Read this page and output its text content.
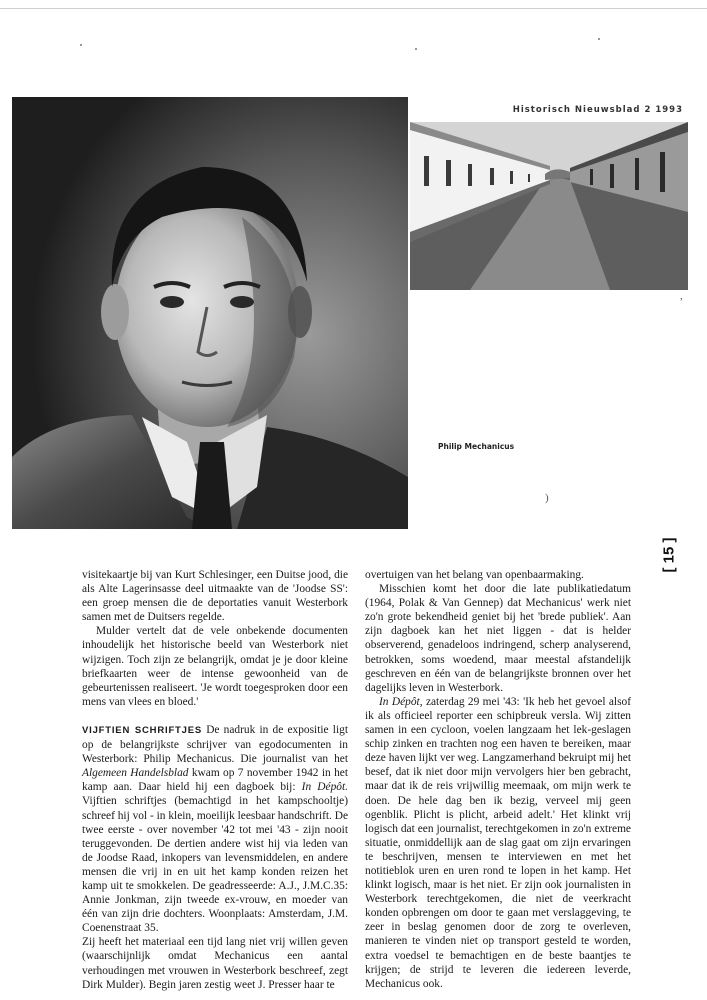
Historisch Nieuwsblad 2 1993
Philip Mechanicus
[ 15 ]
,
)

visitekaartje bij van Kurt Schlesinger, een Duitse jood, die als Alte Lagerinsasse deel uitmaakte van de 'Joodse SS': een groep mensen die de deportaties vanuit Westerbork samen met de Duitsers regelde.

Mulder vertelt dat de vele onbekende documenten inhoudelijk het historische beeld van Westerbork niet wijzigen. Toch zijn ze belangrijk, omdat je je door kleine briefkaarten weer de intense gewoonheid van de gebeurtenissen realiseert. 'Je wordt toegesproken door een mens van vlees en bloed.'

VIJFTIEN SCHRIFTJES De nadruk in de expositie ligt op de belangrijkste schrijver van egodocumenten in Westerbork: Philip Mechanicus. Die journalist van het Algemeen Handelsblad kwam op 7 november 1942 in het kamp aan. Daar hield hij een dagboek bij: In Dépôt. Vijftien schriftjes (bemachtigd in het kampschooltje) schreef hij vol - in klein, moeilijk leesbaar handschrift. De twee eerste - over november '42 tot mei '43 - zijn nooit teruggevonden. De dertien andere wist hij via leden van de Joodse Raad, inkopers van levensmiddelen, en andere mensen die vrij in en uit het kamp konden reizen het kamp uit te smokkelen. De geadresseerde: A.J., J.M.C.35: Annie Jonkman, zijn tweede ex-vrouw, en moeder van één van zijn drie dochters. Woonplaats: Amsterdam, J.M. Coenenstraat 35.

Zij heeft het materiaal een tijd lang niet vrij willen geven (waarschijnlijk omdat Mechanicus een aantal verhoudingen met vrouwen in Westerbork beschreef, zegt Dirk Mulder). Begin jaren zestig weet J. Presser haar te

overtuigen van het belang van openbaarmaking.

Misschien komt het door die late publikatiedatum (1964, Polak & Van Gennep) dat Mechanicus' werk niet zo'n grote bekendheid geniet bij het 'brede publiek'. Aan zijn dagboek kan het niet liggen - dat is helder observerend, genadeloos indringend, scherp analyserend, betrokken, soms woedend, maar meestal afstandelijk geschreven en één van de belangrijkste bronnen over het dagelijks leven in Westerbork.

In Dépôt, zaterdag 29 mei '43: 'Ik heb het gevoel alsof ik als officieel reporter een schipbreuk versla. Wij zitten samen in een cycloon, voelen langzaam het lek-geslagen schip zinken en trachten nog een haven te bereiken, maar deze haven lijkt ver weg. Langzamerhand bekruipt mij het besef, dat ik niet door mijn vervolgers hier ben gebracht, maar dat ik de reis vrijwillig meemaak, om mijn werk te doen. De hele dag ben ik bezig, verveel mij geen ogenblik. Plicht is plicht, arbeid adelt.' Het klinkt vrij logisch dat een journalist, terechtgekomen in zo'n extreme situatie, onmiddellijk aan de slag gaat om zijn ervaringen te beschrijven, mensen te interviewen en met het notitieblok uren en uren rond te lopen in het kamp. Het klinkt logisch, maar is het niet. Er zijn ook journalisten in Westerbork terechtgekomen, die niet de veerkracht konden opbrengen om door te gaan met verslaggeving, te zeer in beslag genomen door de zorg te overleven, manieren te vinden niet op transport gesteld te worden, extra voedsel te bemachtigen en de beste baantjes te krijgen; de strijd te leveren die iedereen leverde, Mechanicus ook.
